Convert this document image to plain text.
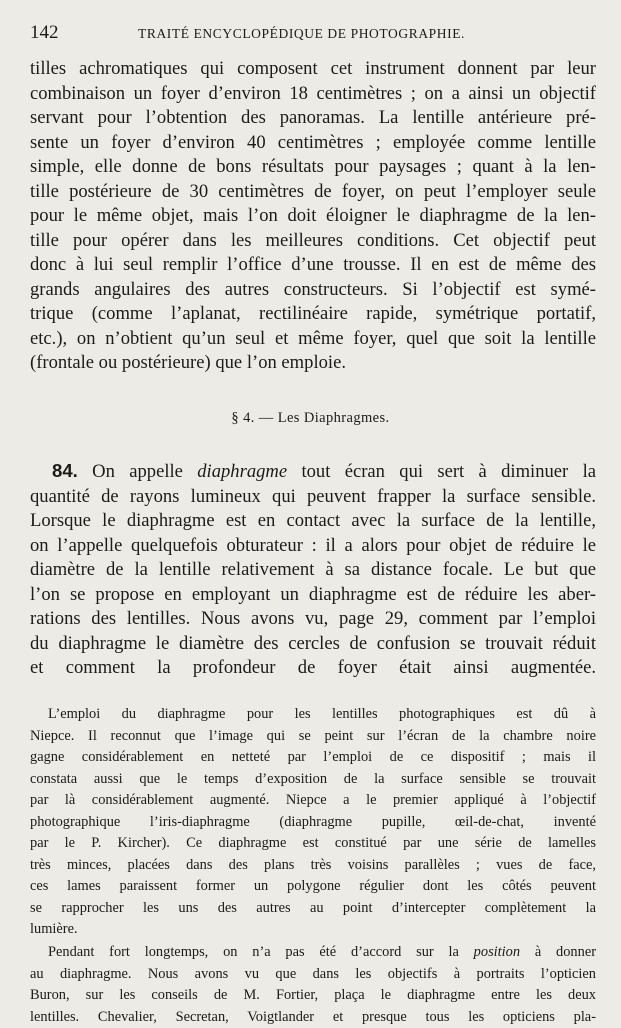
142	TRAITÉ ENCYCLOPÉDIQUE DE PHOTOGRAPHIE.
tilles achromatiques qui composent cet instrument donnent par leur
combinaison un foyer d’environ 18 centimètres ; on a ainsi un objectif
servant pour l’obtention des panoramas. La lentille antérieure pré-
sente un foyer d’environ 40 centimètres ; employée comme lentille
simple, elle donne de bons résultats pour paysages ; quant à la len-
tille postérieure de 30 centimètres de foyer, on peut l’employer seule
pour le même objet, mais l’on doit éloigner le diaphragme de la len-
tille pour opérer dans les meilleures conditions. Cet objectif peut
donc à lui seul remplir l’office d’une trousse. Il en est de même des
grands angulaires des autres constructeurs. Si l’objectif est symé-
trique (comme l’aplanat, rectilinéaire rapide, symétrique portatif,
etc.), on n’obtient qu’un seul et même foyer, quel que soit la lentille
(frontale ou postérieure) que l’on emploie.
§ 4. — Les Diaphragmes.
84. On appelle diaphragme tout écran qui sert à diminuer la
quantité de rayons lumineux qui peuvent frapper la surface sensible.
Lorsque le diaphragme est en contact avec la surface de la lentille,
on l’appelle quelquefois obturateur : il a alors pour objet de réduire le
diamètre de la lentille relativement à sa distance focale. Le but que
l’on se propose en employant un diaphragme est de réduire les aber-
rations des lentilles. Nous avons vu, page 29, comment par l’emploi
du diaphragme le diamètre des cercles de confusion se trouvait réduit
et comment la profondeur de foyer était ainsi augmentée.
L’emploi du diaphragme pour les lentilles photographiques est dû à
Niepce. Il reconnut que l’image qui se peint sur l’écran de la chambre noire
gagne considérablement en netteté par l’emploi de ce dispositif ; mais il
constata aussi que le temps d’exposition de la surface sensible se trouvait
par là considérablement augmenté. Niepce a le premier appliqué à l’objectif
photographique l’iris-diaphragme (diaphragme pupille, œil-de-chat, inventé
par le P. Kircher). Ce diaphragme est constitué par une série de lamelles
très minces, placées dans des plans très voisins parallèles ; vues de face,
ces lames paraissent former un polygone régulier dont les côtés peuvent
se rapprocher les uns des autres au point d’intercepter complètement la
lumière.
Pendant fort longtemps, on n’a pas été d’accord sur la position à donner
au diaphragme. Nous avons vu que dans les objectifs à portraits l’opticien
Buron, sur les conseils de M. Fortier, plaça le diaphragme entre les deux
lentilles. Chevalier, Secretan, Voigtlander et presque tous les opticiens pla-
